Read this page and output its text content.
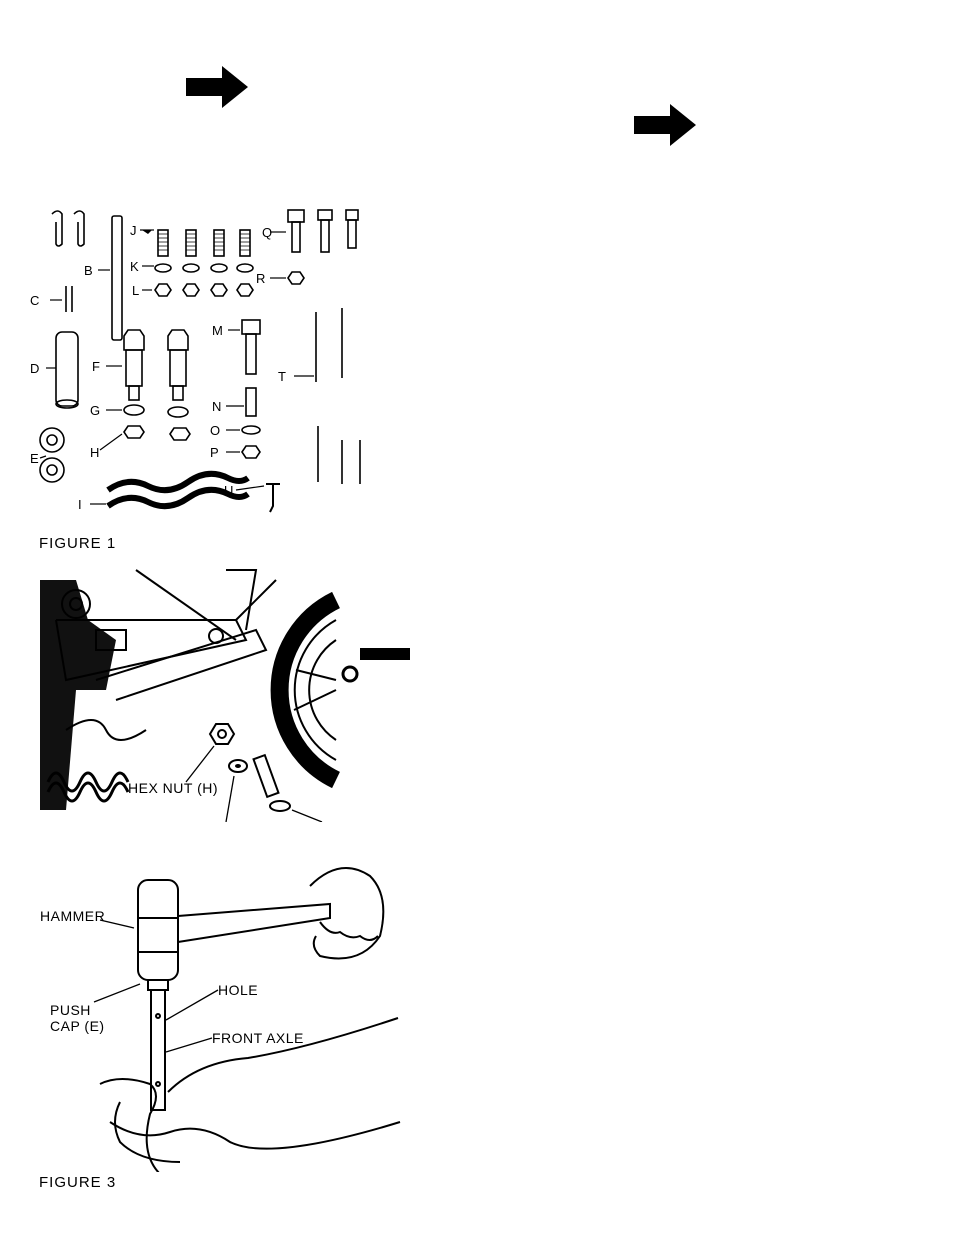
B
C
D
E
F
G
H
I
J
K
L
M
N
O
P
Q
R
T
U
FIGURE 1
HEX NUT (H)
HAMMER
PUSH
CAP (E)
HOLE
FRONT AXLE
FIGURE 3
